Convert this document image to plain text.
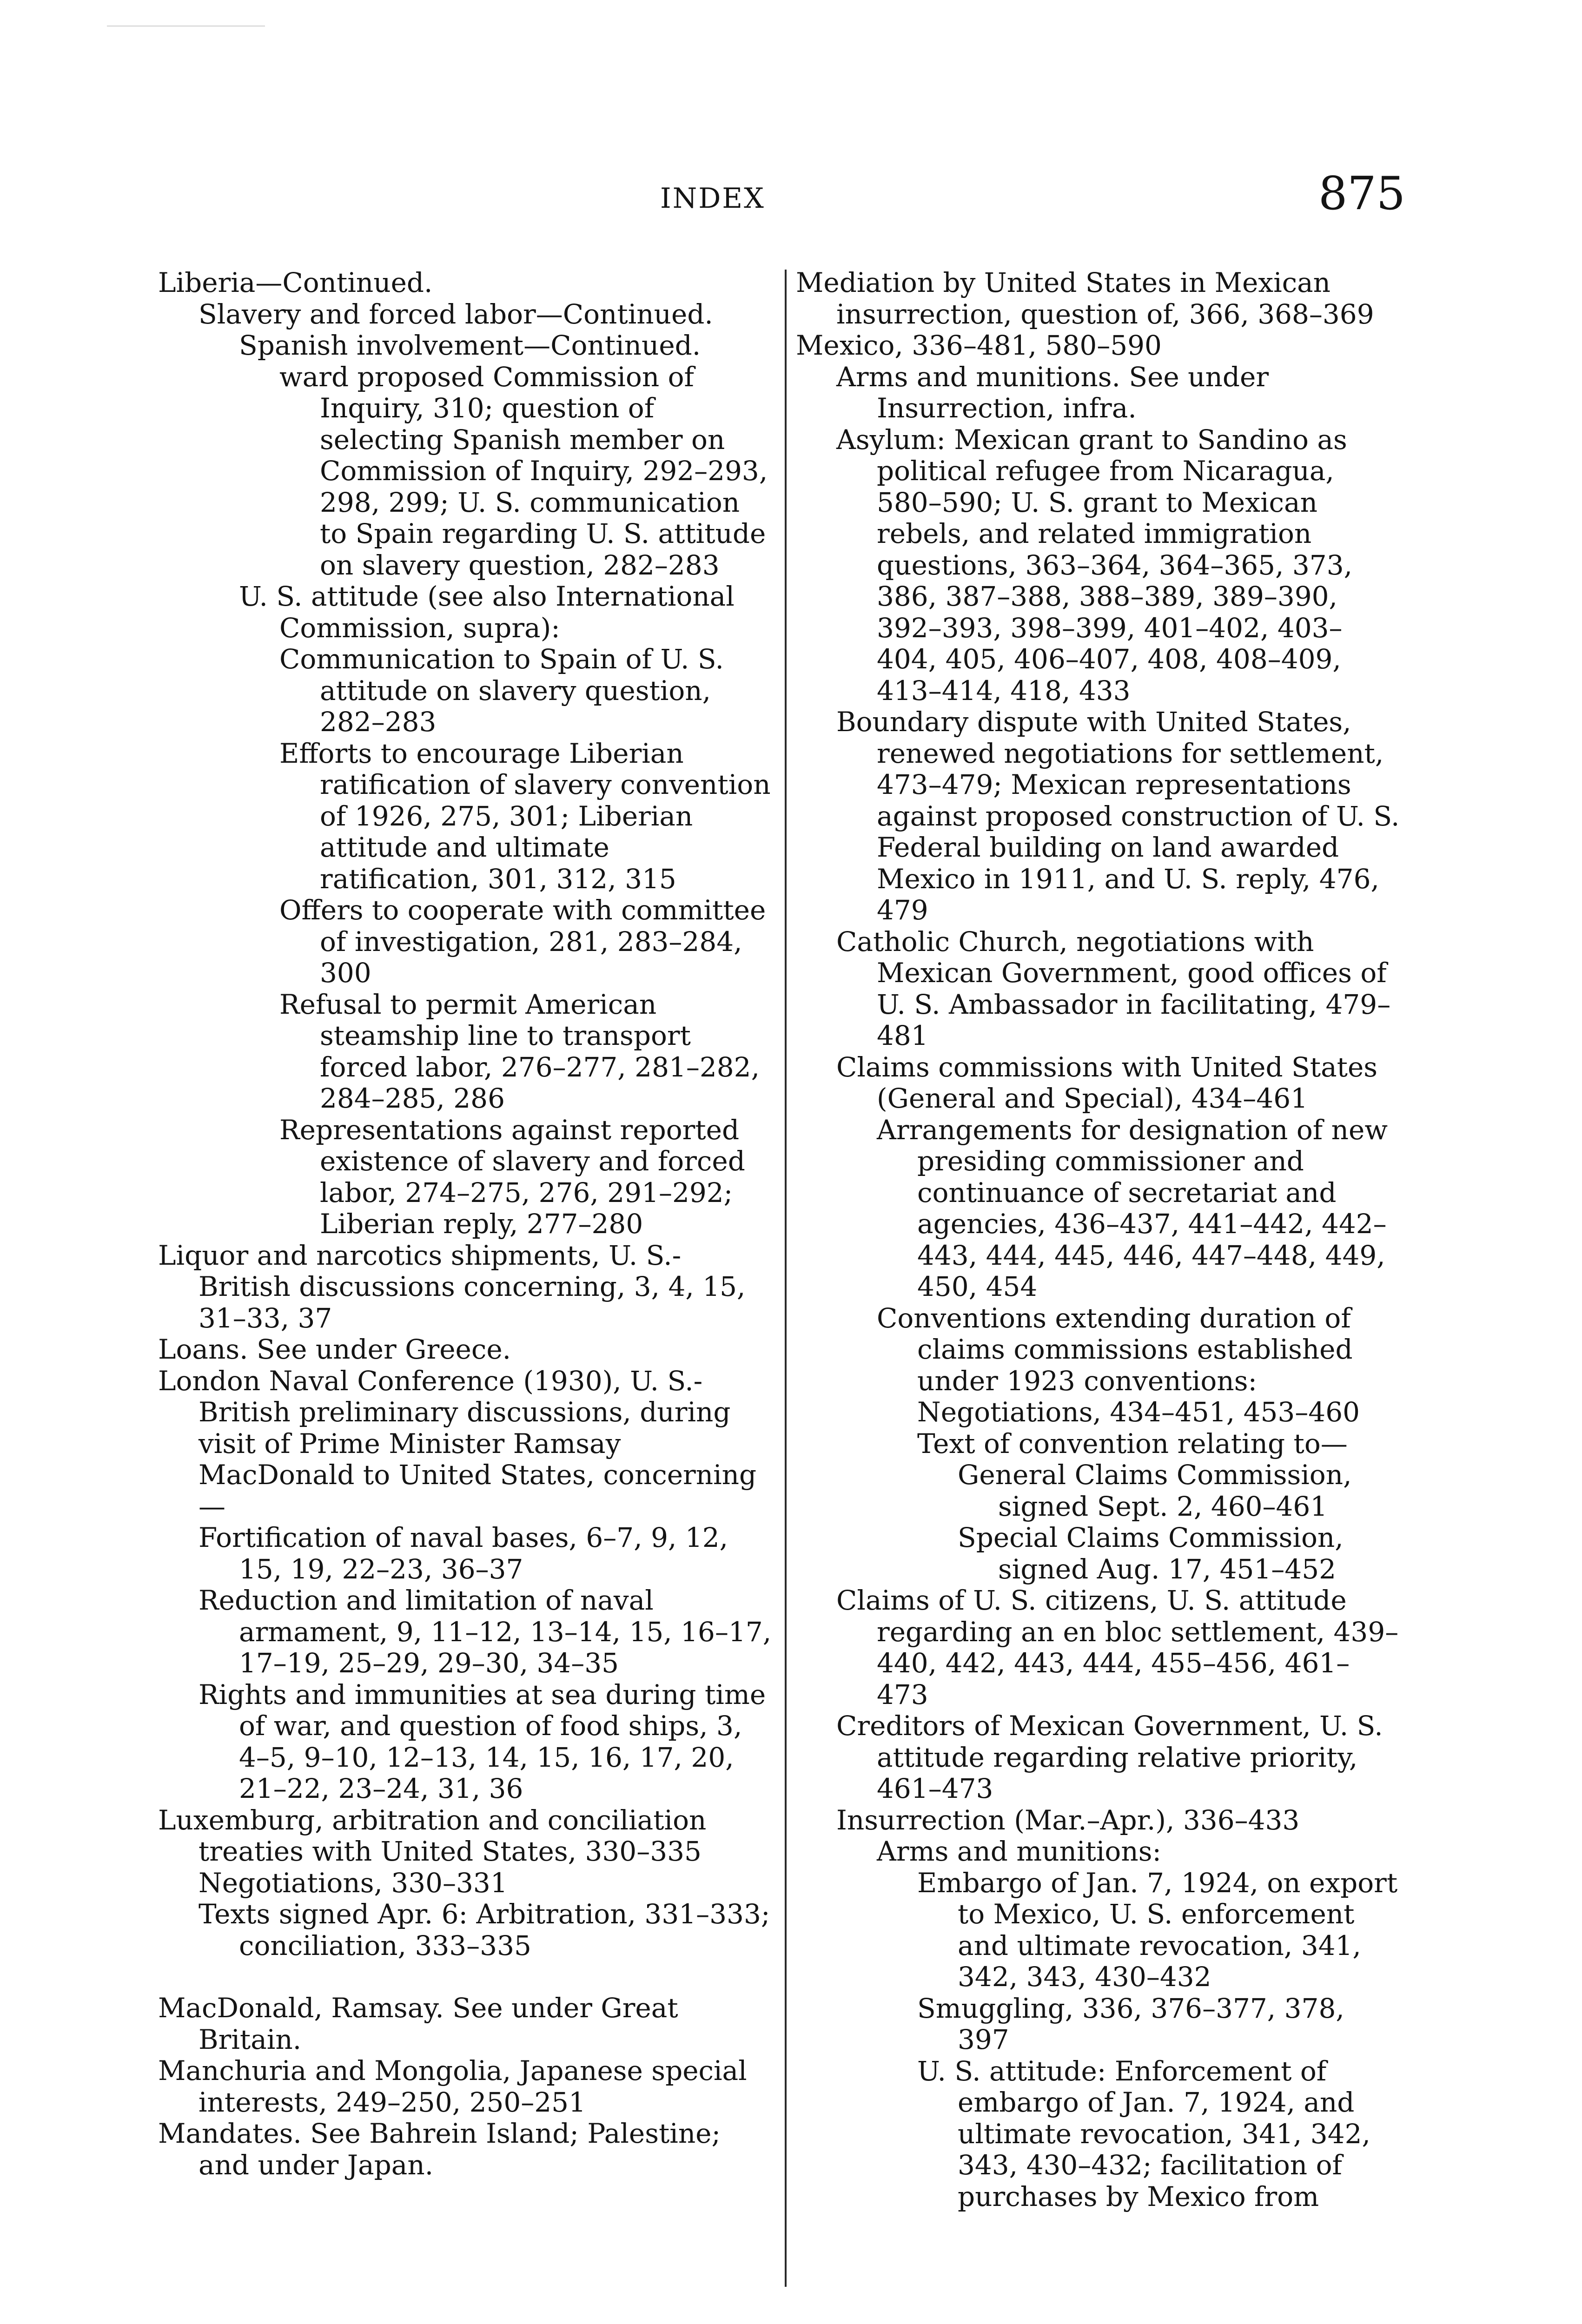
INDEX	875
Liberia—Continued.
Slavery and forced labor—Continued.
Spanish involvement—Continued.
ward proposed Commission of Inquiry, 310; question of selecting Spanish member on Commission of Inquiry, 292–293, 298, 299; U. S. communication to Spain regarding U. S. attitude on slavery question, 282–283
U. S. attitude (see also International Commission, supra):
Communication to Spain of U. S. attitude on slavery question, 282–283
Efforts to encourage Liberian ratification of slavery convention of 1926, 275, 301; Liberian attitude and ultimate ratification, 301, 312, 315
Offers to cooperate with committee of investigation, 281, 283–284, 300
Refusal to permit American steamship line to transport forced labor, 276–277, 281–282, 284–285, 286
Representations against reported existence of slavery and forced labor, 274–275, 276, 291–292; Liberian reply, 277–280
Liquor and narcotics shipments, U. S.-British discussions concerning, 3, 4, 15, 31–33, 37
Loans. See under Greece.
London Naval Conference (1930), U. S.-British preliminary discussions, during visit of Prime Minister Ramsay MacDonald to United States, concerning—
Fortification of naval bases, 6–7, 9, 12, 15, 19, 22–23, 36–37
Reduction and limitation of naval armament, 9, 11–12, 13–14, 15, 16–17, 17–19, 25–29, 29–30, 34–35
Rights and immunities at sea during time of war, and question of food ships, 3, 4–5, 9–10, 12–13, 14, 15, 16, 17, 20, 21–22, 23–24, 31, 36
Luxemburg, arbitration and conciliation treaties with United States, 330–335
Negotiations, 330–331
Texts signed Apr. 6: Arbitration, 331–333; conciliation, 333–335
MacDonald, Ramsay. See under Great Britain.
Manchuria and Mongolia, Japanese special interests, 249–250, 250–251
Mandates. See Bahrein Island; Palestine; and under Japan.
Mediation by United States in Mexican insurrection, question of, 366, 368–369
Mexico, 336–481, 580–590
Arms and munitions. See under Insurrection, infra.
Asylum: Mexican grant to Sandino as political refugee from Nicaragua, 580–590; U. S. grant to Mexican rebels, and related immigration questions, 363–364, 364–365, 373, 386, 387–388, 388–389, 389–390, 392–393, 398–399, 401–402, 403–404, 405, 406–407, 408, 408–409, 413–414, 418, 433
Boundary dispute with United States, renewed negotiations for settlement, 473–479; Mexican representations against proposed construction of U. S. Federal building on land awarded Mexico in 1911, and U. S. reply, 476, 479
Catholic Church, negotiations with Mexican Government, good offices of U. S. Ambassador in facilitating, 479–481
Claims commissions with United States (General and Special), 434–461
Arrangements for designation of new presiding commissioner and continuance of secretariat and agencies, 436–437, 441–442, 442–443, 444, 445, 446, 447–448, 449, 450, 454
Conventions extending duration of claims commissions established under 1923 conventions:
Negotiations, 434–451, 453–460
Text of convention relating to—
General Claims Commission, signed Sept. 2, 460–461
Special Claims Commission, signed Aug. 17, 451–452
Claims of U. S. citizens, U. S. attitude regarding an en bloc settlement, 439–440, 442, 443, 444, 455–456, 461–473
Creditors of Mexican Government, U. S. attitude regarding relative priority, 461–473
Insurrection (Mar.–Apr.), 336–433
Arms and munitions:
Embargo of Jan. 7, 1924, on export to Mexico, U. S. enforcement and ultimate revocation, 341, 342, 343, 430–432
Smuggling, 336, 376–377, 378, 397
U. S. attitude: Enforcement of embargo of Jan. 7, 1924, and ultimate revocation, 341, 342, 343, 430–432; facilitation of purchases by Mexico from
